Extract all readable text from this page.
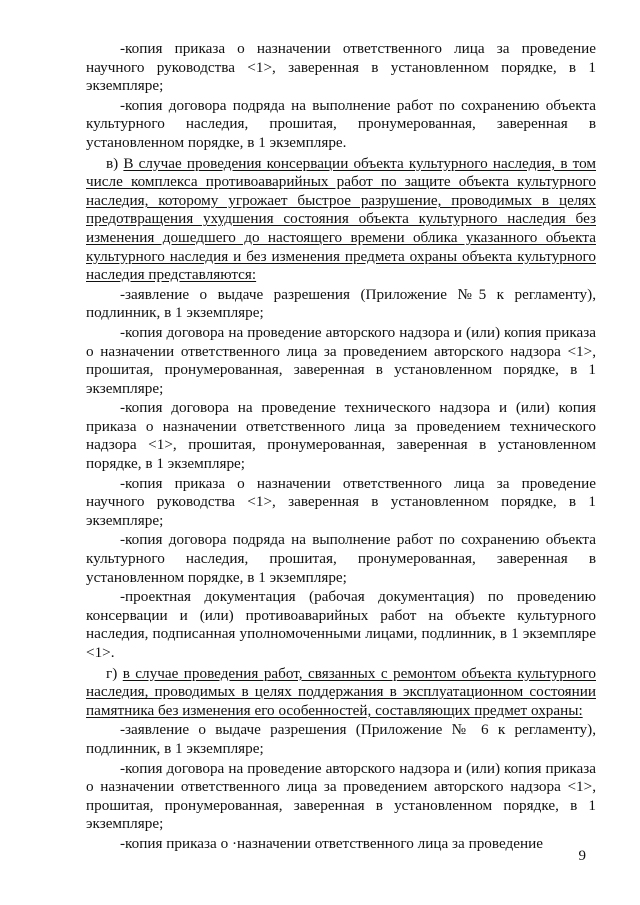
-копия приказа о назначении ответственного лица за проведение научного руководства <1>, заверенная в установленном порядке, в 1 экземпляре;

-копия договора подряда на выполнение работ по сохранению объекта культурного наследия, прошитая, пронумерованная, заверенная в установленном порядке, в 1 экземпляре.

в) В случае проведения консервации объекта культурного наследия, в том числе комплекса противоаварийных работ по защите объекта культурного наследия, которому угрожает быстрое разрушение, проводимых в целях предотвращения ухудшения состояния объекта культурного наследия без изменения дошедшего до настоящего времени облика указанного объекта культурного наследия и без изменения предмета охраны объекта культурного наследия представляются:

-заявление о выдаче разрешения (Приложение №5 к регламенту), подлинник, в 1 экземпляре;

-копия договора на проведение авторского надзора и (или) копия приказа о назначении ответственного лица за проведением авторского надзора <1>, прошитая, пронумерованная, заверенная в установленном порядке, в 1 экземпляре;

-копия договора на проведение технического надзора и (или) копия приказа о назначении ответственного лица за проведением технического надзора <1>, прошитая, пронумерованная, заверенная в установленном порядке, в 1 экземпляре;

-копия приказа о назначении ответственного лица за проведение научного руководства <1>, заверенная в установленном порядке, в 1 экземпляре;

-копия договора подряда на выполнение работ по сохранению объекта культурного наследия, прошитая, пронумерованная, заверенная в установленном порядке, в 1 экземпляре;

-проектная документация (рабочая документация) по проведению консервации и (или) противоаварийных работ на объекте культурного наследия, подписанная уполномоченными лицами, подлинник, в 1 экземпляре <1>.

г) в случае проведения работ, связанных с ремонтом объекта культурного наследия, проводимых в целях поддержания в эксплуатационном состоянии памятника без изменения его особенностей, составляющих предмет охраны:

-заявление о выдаче разрешения (Приложение № 6 к регламенту), подлинник, в 1 экземпляре;

-копия договора на проведение авторского надзора и (или) копия приказа о назначении ответственного лица за проведением авторского надзора <1>, прошитая, пронумерованная, заверенная в установленном порядке, в 1 экземпляре;

-копия приказа о ·назначении ответственного лица за проведение

9
